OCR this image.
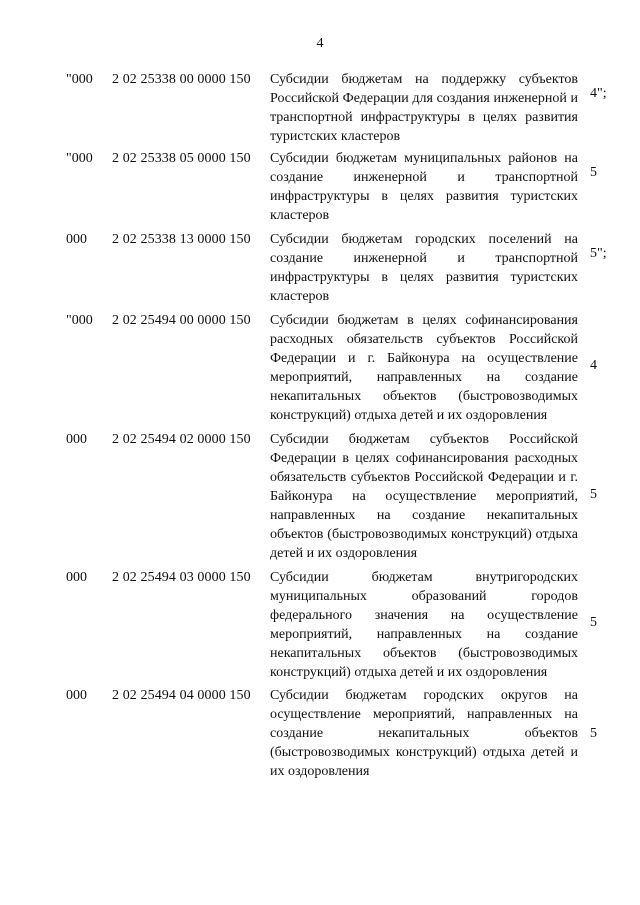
4
"000 2 02 25338 00 0000 150 Субсидии бюджетам на поддержку субъектов Российской Федерации для создания инженерной и транспортной инфраструктуры в целях развития туристских кластеров
4";
"000 2 02 25338 05 0000 150 Субсидии бюджетам муниципальных районов на создание инженерной и транспортной инфраструктуры в целях развития туристских кластеров
5
000 2 02 25338 13 0000 150 Субсидии бюджетам городских поселений на создание инженерной и транспортной инфраструктуры в целях развития туристских кластеров
5";
"000 2 02 25494 00 0000 150 Субсидии бюджетам в целях софинансирования расходных обязательств субъектов Российской Федерации и г. Байконура на осуществление мероприятий, направленных на создание некапитальных объектов (быстровозводимых конструкций) отдыха детей и их оздоровления
4
000 2 02 25494 02 0000 150 Субсидии бюджетам субъектов Российской Федерации в целях софинансирования расходных обязательств субъектов Российской Федерации и г. Байконура на осуществление мероприятий, направленных на создание некапитальных объектов (быстровозводимых конструкций) отдыха детей и их оздоровления
5
000 2 02 25494 03 0000 150 Субсидии бюджетам внутригородских муниципальных образований городов федерального значения на осуществление мероприятий, направленных на создание некапитальных объектов (быстровозводимых конструкций) отдыха детей и их оздоровления
5
000 2 02 25494 04 0000 150 Субсидии бюджетам городских округов на осуществление мероприятий, направленных на создание некапитальных объектов (быстровозводимых конструкций) отдыха детей и их оздоровления
5
